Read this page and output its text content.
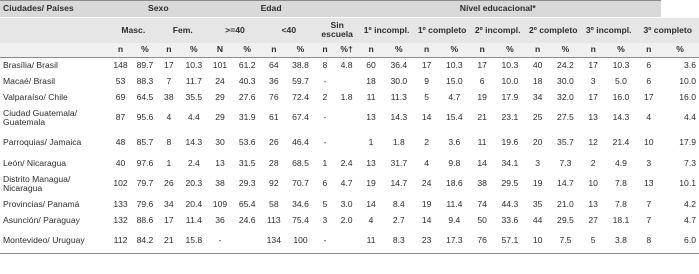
Ciudades/ Países	Sexo				Edad					Nível educacional*												
	Masc.		Fem.		>=40		<40		Sin escuela		1º incompl.		1º completo		2º incompl.		2º completo		3º incompl.		3º completo	
	n	%	n	%	N	%	n	%	n	%†	n	%	n	%	n	%	n	%	n	%	n	%
Brasília/ Brasil	148	89.7	17	10.3	101	61.2	64	38.8	8	4.8	60	36.4	17	10.3	17	10.3	40	24.2	17	10.3	6	3.6
Macaé/ Brasil	53	88.3	7	11.7	24	40.3	36	59.7	-		18	30.0	9	15.0	6	10.0	18	30.0	3	5.0	6	10.0
Valparaíso/ Chile	69	64.5	38	35.5	29	27.6	76	72.4	2	1.8	11	11.3	5	4.7	19	17.9	34	32.0	17	16.0	17	16.0
Ciudad Guatemala/ Guatemala	87	95.6	4	4.4	29	31.9	61	67.4	-		13	14.3	14	15.4	21	23.1	25	27.5	13	14.3	4	4.4
Parroquias/ Jamaica	48	85.7	8	14.3	30	53.6	26	46.4	-		1	1.8	2	3.6	11	19.6	20	35.7	12	21.4	10	17.9
León/ Nicaragua	40	97.6	1	2.4	13	31.5	28	68.5	1	2.4	13	31.7	4	9.8	14	34.1	3	7.3	2	4.9	3	7.3
Distrito Managua/ Nicaragua	102	79.7	26	20.3	38	29.3	92	70.7	6	4.7	19	14.7	24	18.6	38	29.5	19	14.7	10	7.8	13	10.1
Provincias/ Panamá	133	79.6	34	20.4	109	65.4	58	34.6	5	3.0	14	8.4	19	11.4	74	44.3	35	21.0	13	7.8	7	4.2
Asunción/ Paraguay	132	88.6	17	11.4	36	24.6	113	75.4	3	2.0	4	2.7	14	9.4	50	33.6	44	29.5	27	18.1	7	4.7
Montevideo/ Uruguay	112	84.2	21	15.8	-		134	100	-		11	8.3	23	17.3	76	57.1	10	7.5	5	3.8	8	6.0
